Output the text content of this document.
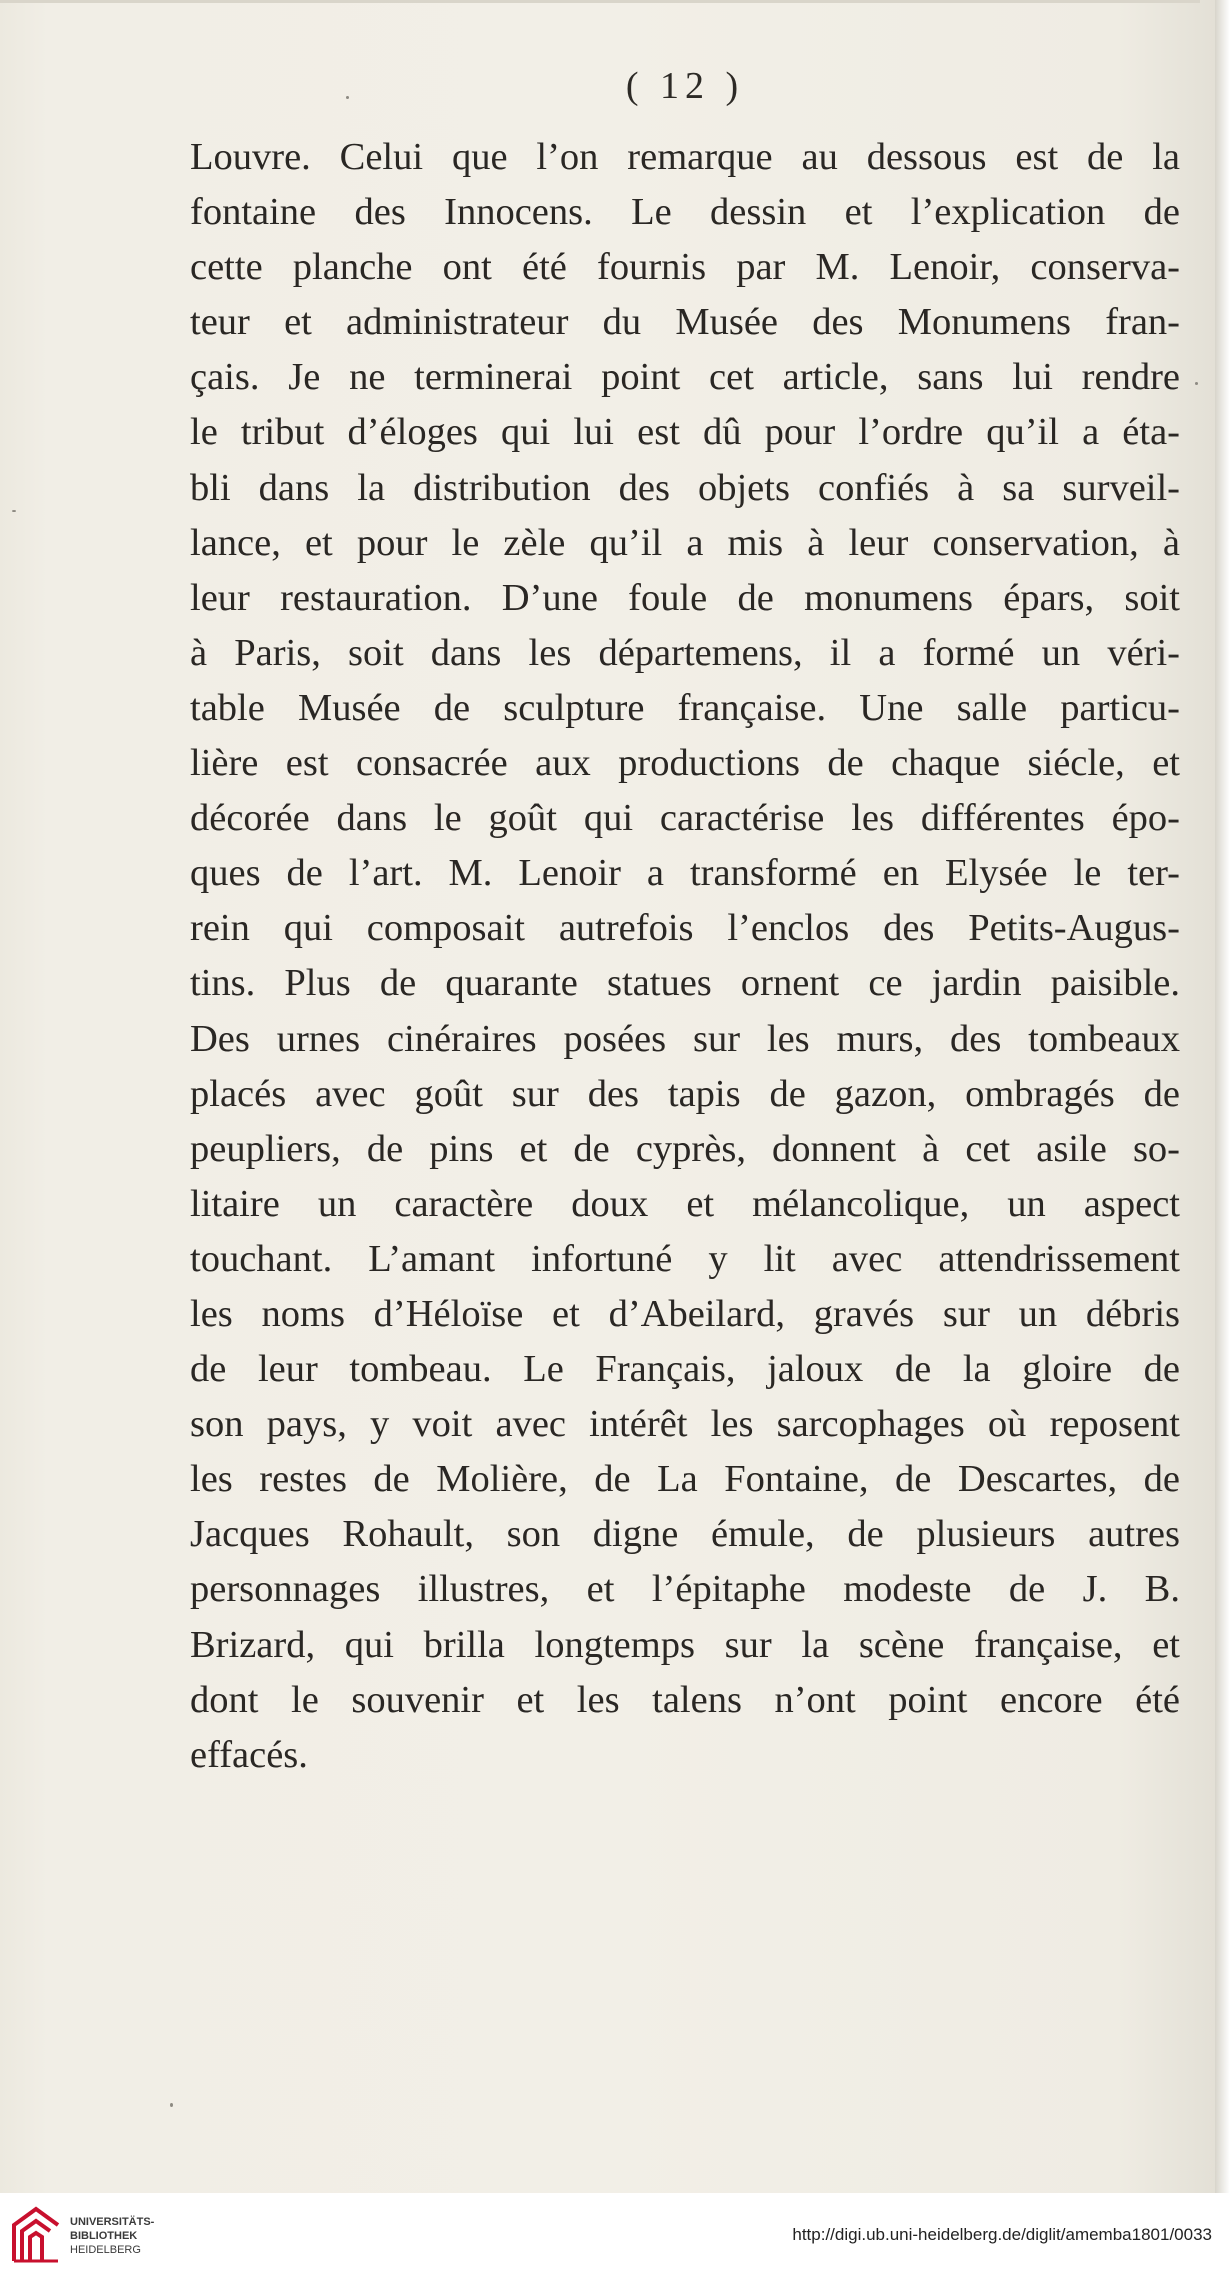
( 12 )
Louvre. Celui que l’on remarque au dessous est de la
fontaine des Innocens. Le dessin et l’explication de
cette planche ont été fournis par M. Lenoir, conserva-
teur et administrateur du Musée des Monumens fran-
çais. Je ne terminerai point cet article, sans lui rendre
le tribut d’éloges qui lui est dû pour l’ordre qu’il a éta-
bli dans la distribution des objets confiés à sa surveil-
lance, et pour le zèle qu’il a mis à leur conservation, à
leur restauration. D’une foule de monumens épars, soit
à Paris, soit dans les départemens, il a formé un véri-
table Musée de sculpture française. Une salle particu-
lière est consacrée aux productions de chaque siécle, et
décorée dans le goût qui caractérise les différentes épo-
ques de l’art. M. Lenoir a transformé en Elysée le ter-
rein qui composait autrefois l’enclos des Petits-Augus-
tins. Plus de quarante statues ornent ce jardin paisible.
Des urnes cinéraires posées sur les murs, des tombeaux
placés avec goût sur des tapis de gazon, ombragés de
peupliers, de pins et de cyprès, donnent à cet asile so-
litaire un caractère doux et mélancolique, un aspect
touchant. L’amant infortuné y lit avec attendrissement
les noms d’Héloïse et d’Abeilard, gravés sur un débris
de leur tombeau. Le Français, jaloux de la gloire de
son pays, y voit avec intérêt les sarcophages où reposent
les restes de Molière, de La Fontaine, de Descartes, de
Jacques Rohault, son digne émule, de plusieurs autres
personnages illustres, et l’épitaphe modeste de J. B.
Brizard, qui brilla longtemps sur la scène française, et
dont le souvenir et les talens n’ont point encore été
effacés.
UNIVERSITÄTS-
BIBLIOTHEK
HEIDELBERG
http://digi.ub.uni-heidelberg.de/diglit/amemba1801/0033
